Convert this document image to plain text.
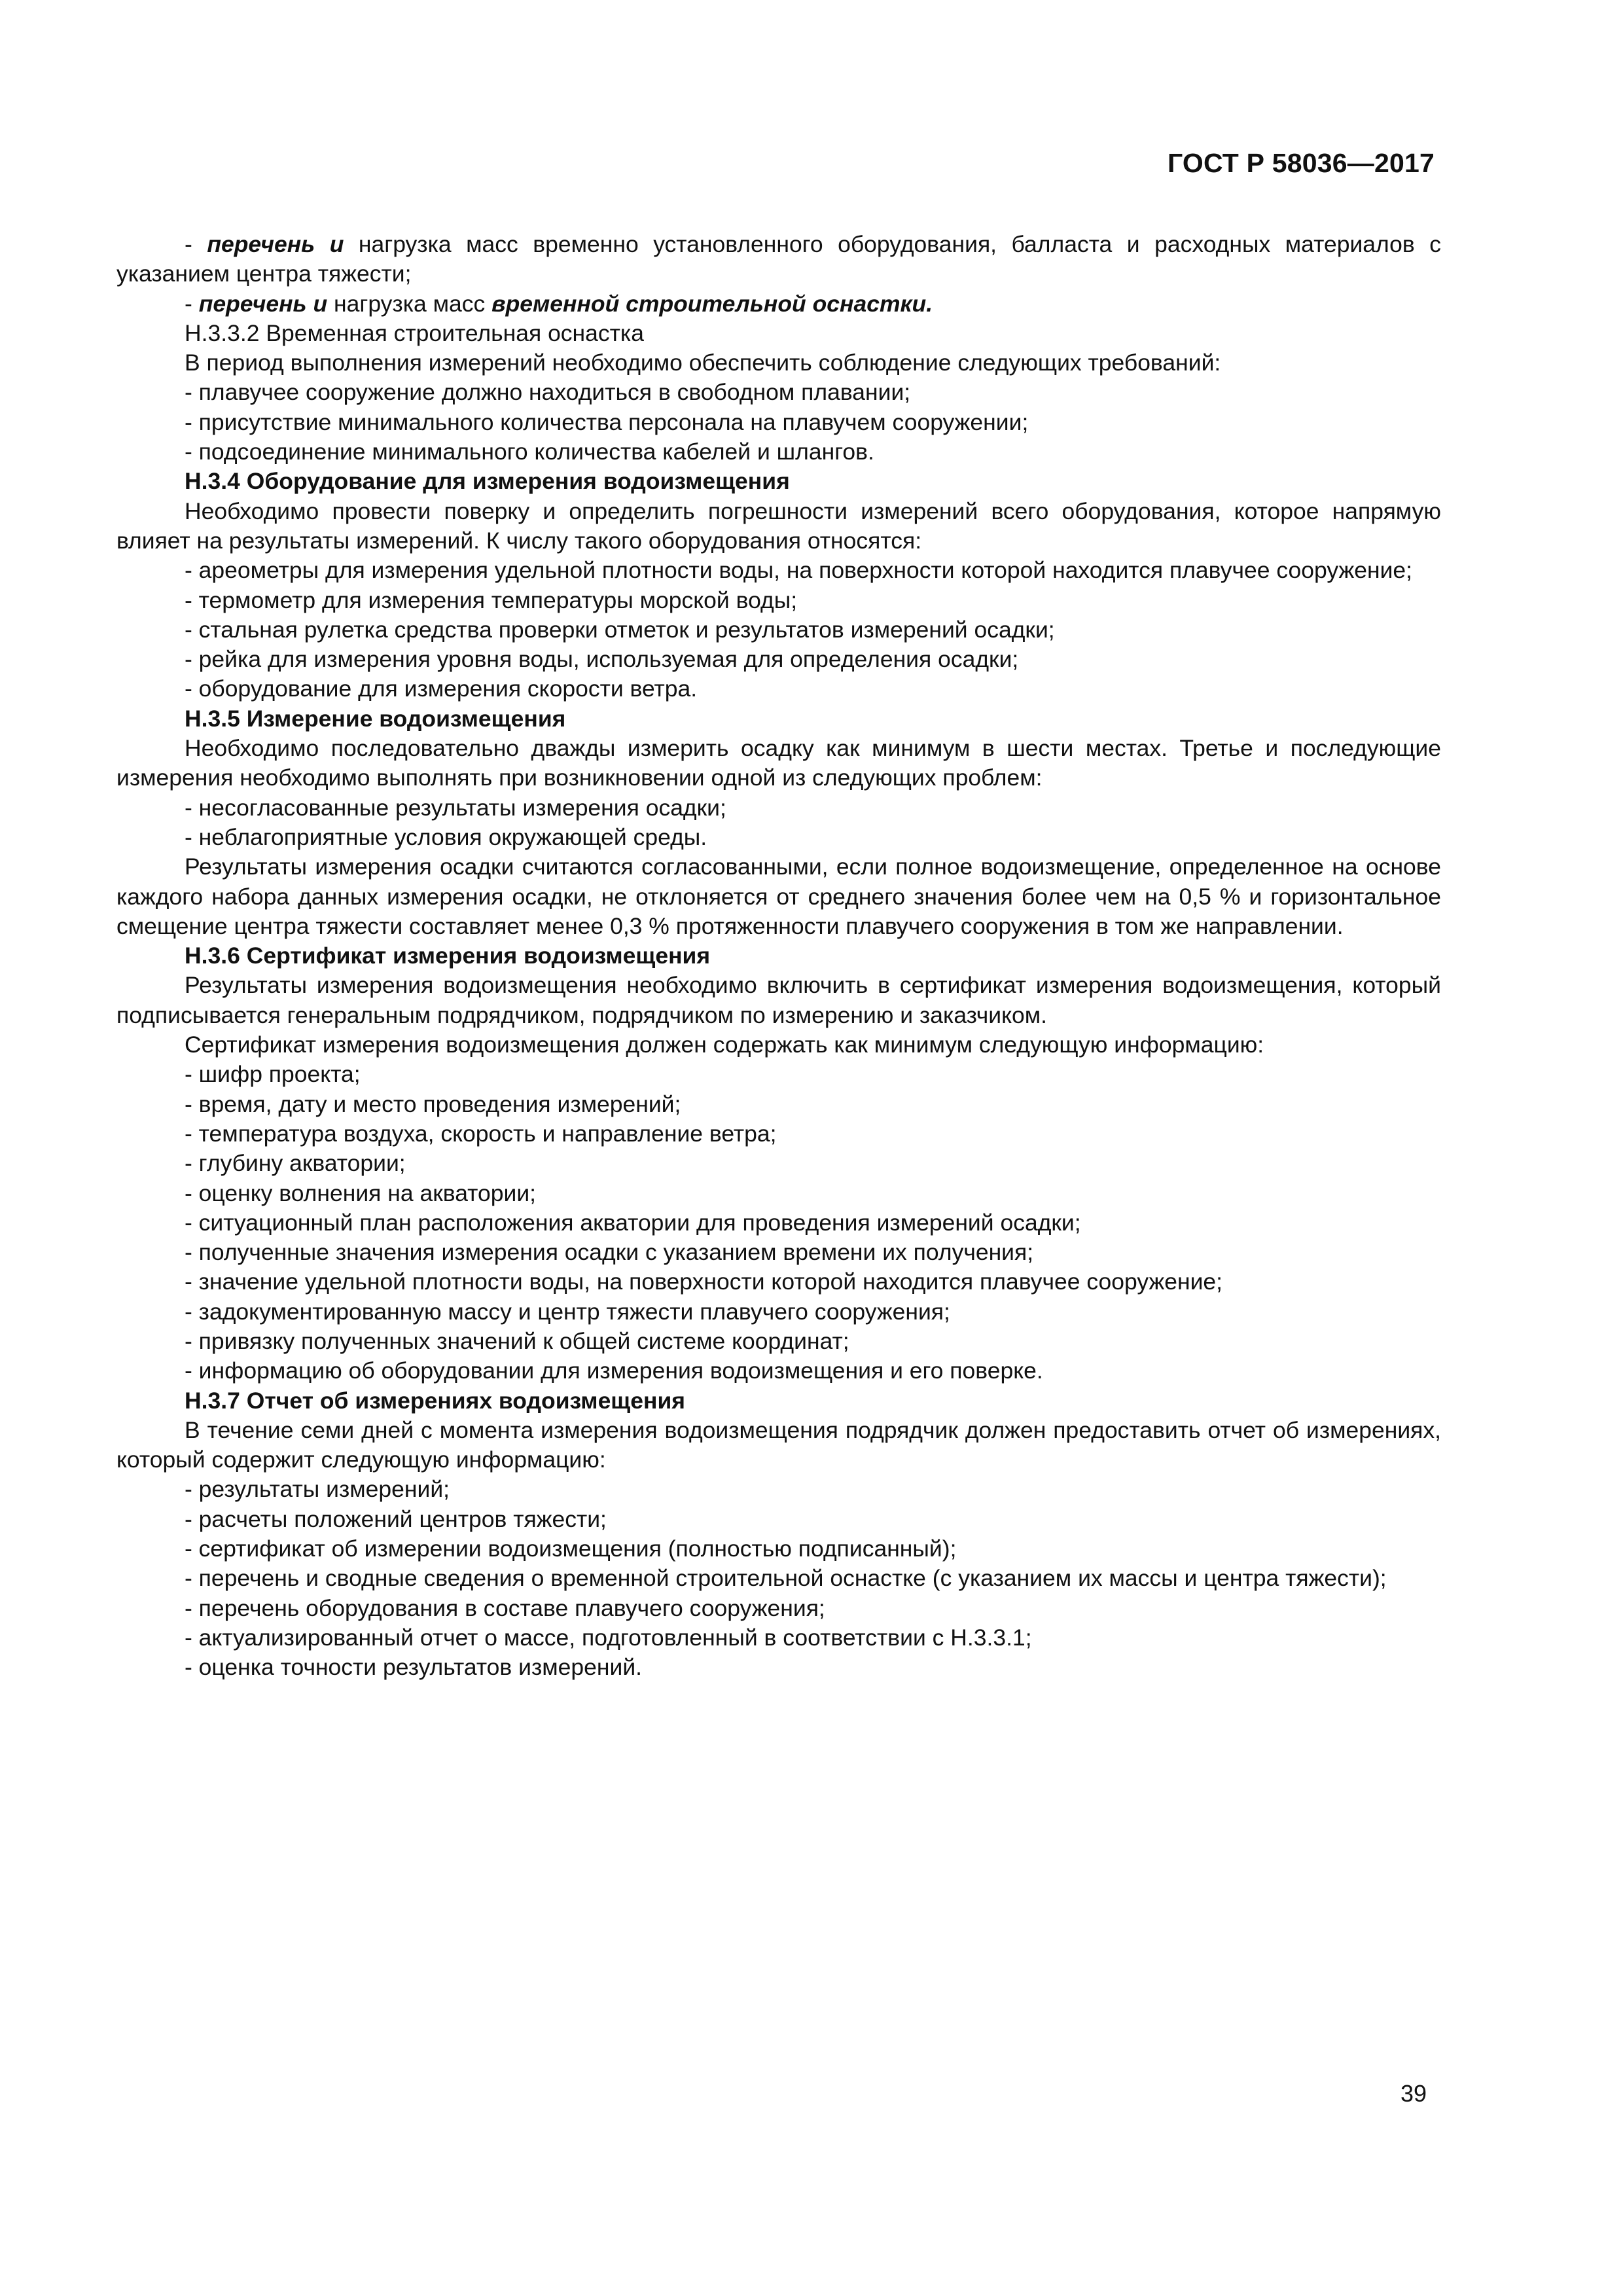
ГОСТ Р 58036—2017

- перечень и нагрузка масс временно установленного оборудования, балласта и расходных материалов с указанием центра тяжести;

- перечень и нагрузка масс временной строительной оснастки.

Н.3.3.2 Временная строительная оснастка

В период выполнения измерений необходимо обеспечить соблюдение следующих требований:

- плавучее сооружение должно находиться в свободном плавании;

- присутствие минимального количества персонала на плавучем сооружении;

- подсоединение минимального количества кабелей и шлангов.

Н.3.4 Оборудование для измерения водоизмещения

Необходимо провести поверку и определить погрешности измерений всего оборудования, которое напрямую влияет на результаты измерений. К числу такого оборудования относятся:

- ареометры для измерения удельной плотности воды, на поверхности которой находится плавучее сооружение;

- термометр для измерения температуры морской воды;

- стальная рулетка средства проверки отметок и результатов измерений осадки;

- рейка для измерения уровня воды, используемая для определения осадки;

- оборудование для измерения скорости ветра.

Н.3.5 Измерение водоизмещения

Необходимо последовательно дважды измерить осадку как минимум в шести местах. Третье и последующие измерения необходимо выполнять при возникновении одной из следующих проблем:

- несогласованные результаты измерения осадки;

- неблагоприятные условия окружающей среды.

Результаты измерения осадки считаются согласованными, если полное водоизмещение, определенное на основе каждого набора данных измерения осадки, не отклоняется от среднего значения более чем на 0,5 % и горизонтальное смещение центра тяжести составляет менее 0,3 % протяженности плавучего сооружения в том же направлении.

Н.3.6 Сертификат измерения водоизмещения

Результаты измерения водоизмещения необходимо включить в сертификат измерения водоизмещения, который подписывается генеральным подрядчиком, подрядчиком по измерению и заказчиком.

Сертификат измерения водоизмещения должен содержать как минимум следующую информацию:

- шифр проекта;

- время, дату и место проведения измерений;

- температура воздуха, скорость и направление ветра;

- глубину акватории;

- оценку волнения на акватории;

- ситуационный план расположения акватории для проведения измерений осадки;

- полученные значения измерения осадки с указанием времени их получения;

- значение удельной плотности воды, на поверхности которой находится плавучее сооружение;

- задокументированную массу и центр тяжести плавучего сооружения;

- привязку полученных значений к общей системе координат;

- информацию об оборудовании для измерения водоизмещения и его поверке.

Н.3.7 Отчет об измерениях водоизмещения

В течение семи дней с момента измерения водоизмещения подрядчик должен предоставить отчет об измерениях, который содержит следующую информацию:

- результаты измерений;

- расчеты положений центров тяжести;

- сертификат об измерении водоизмещения (полностью подписанный);

- перечень и сводные сведения о временной строительной оснастке (с указанием их массы и центра тяжести);

- перечень оборудования в составе плавучего сооружения;

- актуализированный отчет о массе, подготовленный в соответствии с Н.3.3.1;

- оценка точности результатов измерений.

39
